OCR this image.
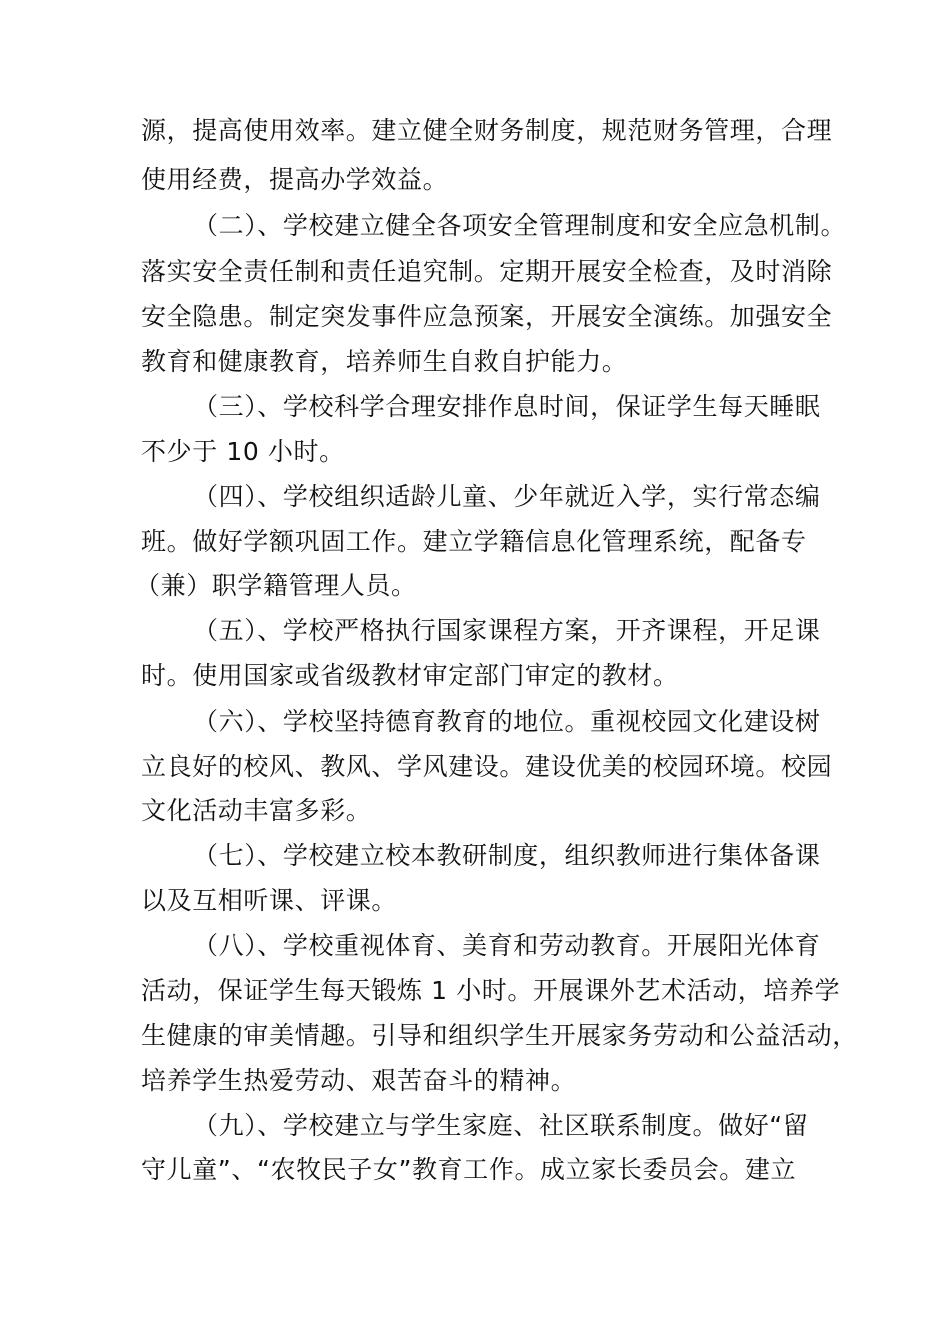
源，提高使用效率。建立健全财务制度，规范财务管理，合理
使用经费，提高办学效益。
（二）、学校建立健全各项安全管理制度和安全应急机制。
落实安全责任制和责任追究制。定期开展安全检查，及时消除
安全隐患。制定突发事件应急预案，开展安全演练。加强安全
教育和健康教育，培养师生自救自护能力。
（三）、学校科学合理安排作息时间，保证学生每天睡眠
不少于 10 小时。
（四）、学校组织适龄儿童、少年就近入学，实行常态编
班。做好学额巩固工作。建立学籍信息化管理系统，配备专
（兼）职学籍管理人员。
（五）、学校严格执行国家课程方案，开齐课程，开足课
时。使用国家或省级教材审定部门审定的教材。
（六）、学校坚持德育教育的地位。重视校园文化建设树
立良好的校风、教风、学风建设。建设优美的校园环境。校园
文化活动丰富多彩。
（七）、学校建立校本教研制度，组织教师进行集体备课
以及互相听课、评课。
（八）、学校重视体育、美育和劳动教育。开展阳光体育
活动，保证学生每天锻炼 1 小时。开展课外艺术活动，培养学
生健康的审美情趣。引导和组织学生开展家务劳动和公益活动，
培养学生热爱劳动、艰苦奋斗的精神。
（九）、学校建立与学生家庭、社区联系制度。做好“留
守儿童”、“农牧民子女”教育工作。成立家长委员会。建立
